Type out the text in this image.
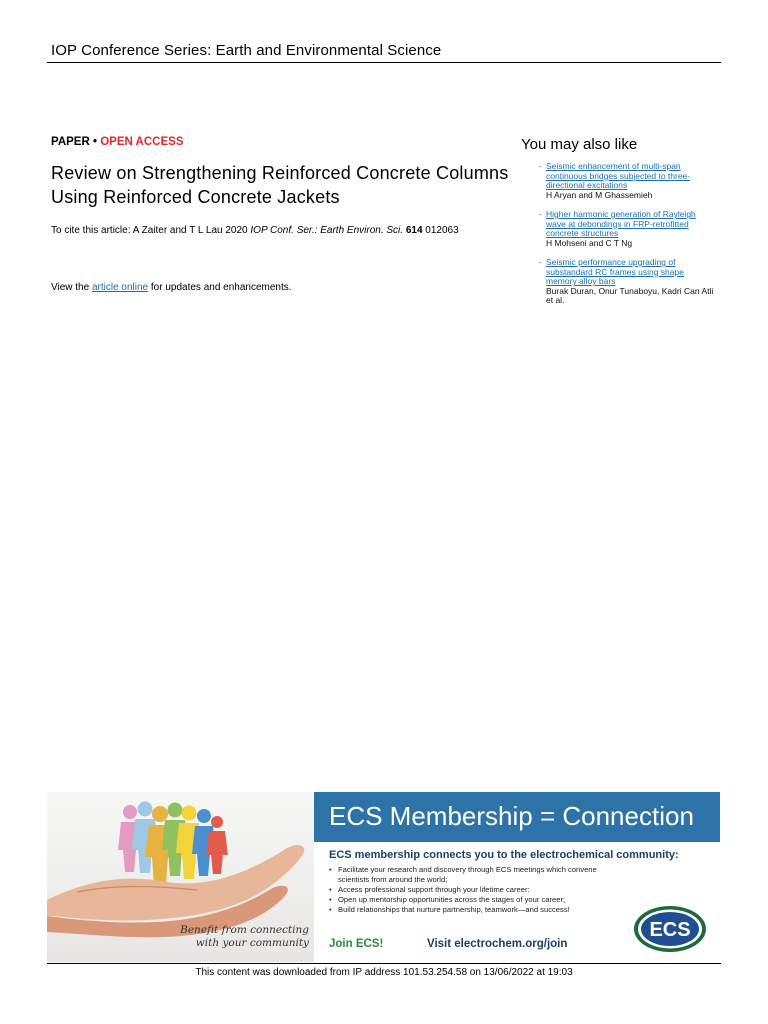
IOP Conference Series: Earth and Environmental Science
PAPER • OPEN ACCESS
Review on Strengthening Reinforced Concrete Columns Using Reinforced Concrete Jackets
To cite this article: A Zaiter and T L Lau 2020 IOP Conf. Ser.: Earth Environ. Sci. 614 012063
View the article online for updates and enhancements.
You may also like
- Seismic enhancement of multi-span continuous bridges subjected to three-directional excitations
H Aryan and M Ghassemieh
- Higher harmonic generation of Rayleigh wave at debondings in FRP-retrofitted concrete structures
H Mohseni and C T Ng
- Seismic performance upgrading of substandard RC frames using shape memory alloy bars
Burak Duran, Onur Tunaboyu, Kadri Can Atli et al.
Benefit from connecting with your community
ECS Membership = Connection
ECS membership connects you to the electrochemical community:
• Facilitate your research and discovery through ECS meetings which convene scientists from around the world;
• Access professional support through your lifetime career:
• Open up mentorship opportunities across the stages of your career;
• Build relationships that nurture partnership, teamwork—and success!
Join ECS!	Visit electrochem.org/join
ECS
This content was downloaded from IP address 101.53.254.58 on 13/06/2022 at 19:03
